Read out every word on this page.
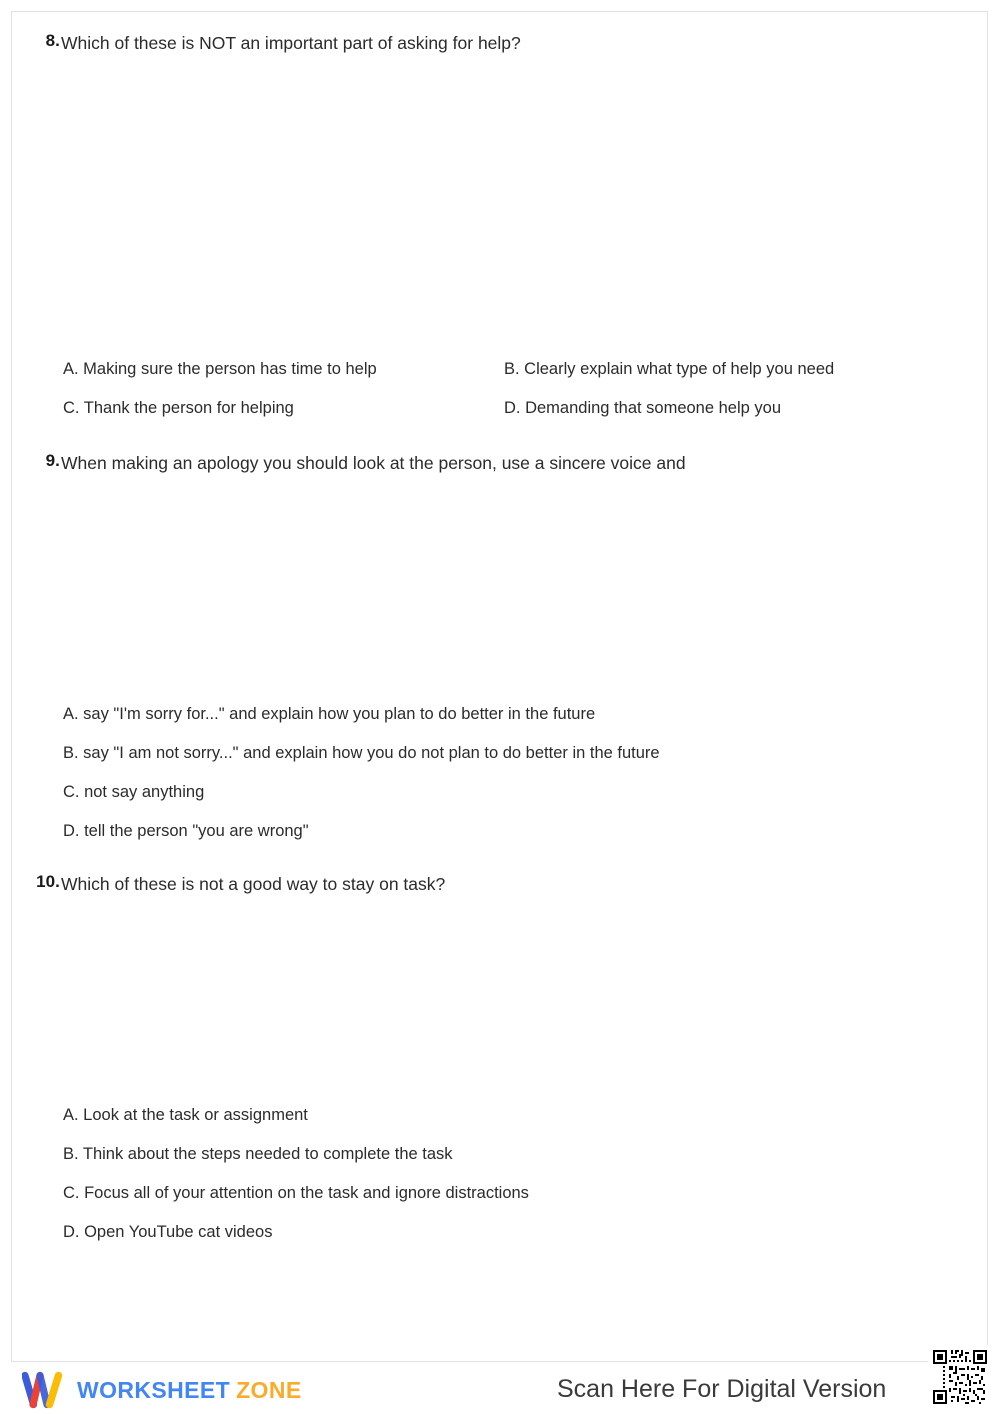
8. Which of these is NOT an important part of asking for help?
A. Making sure the person has time to help	B. Clearly explain what type of help you need
C. Thank the person for helping	D. Demanding that someone help you
9. When making an apology you should look at the person, use a sincere voice and
A. say "I'm sorry for..." and explain how you plan to do better in the future
B. say "I am not sorry..." and explain how you do not plan to do better in the future
C. not say anything
D. tell the person "you are wrong"
10. Which of these is not a good way to stay on task?
A. Look at the task or assignment
B. Think about the steps needed to complete the task
C. Focus all of your attention on the task and ignore distractions
D. Open YouTube cat videos
WORKSHEET ZONE	Scan Here For Digital Version
